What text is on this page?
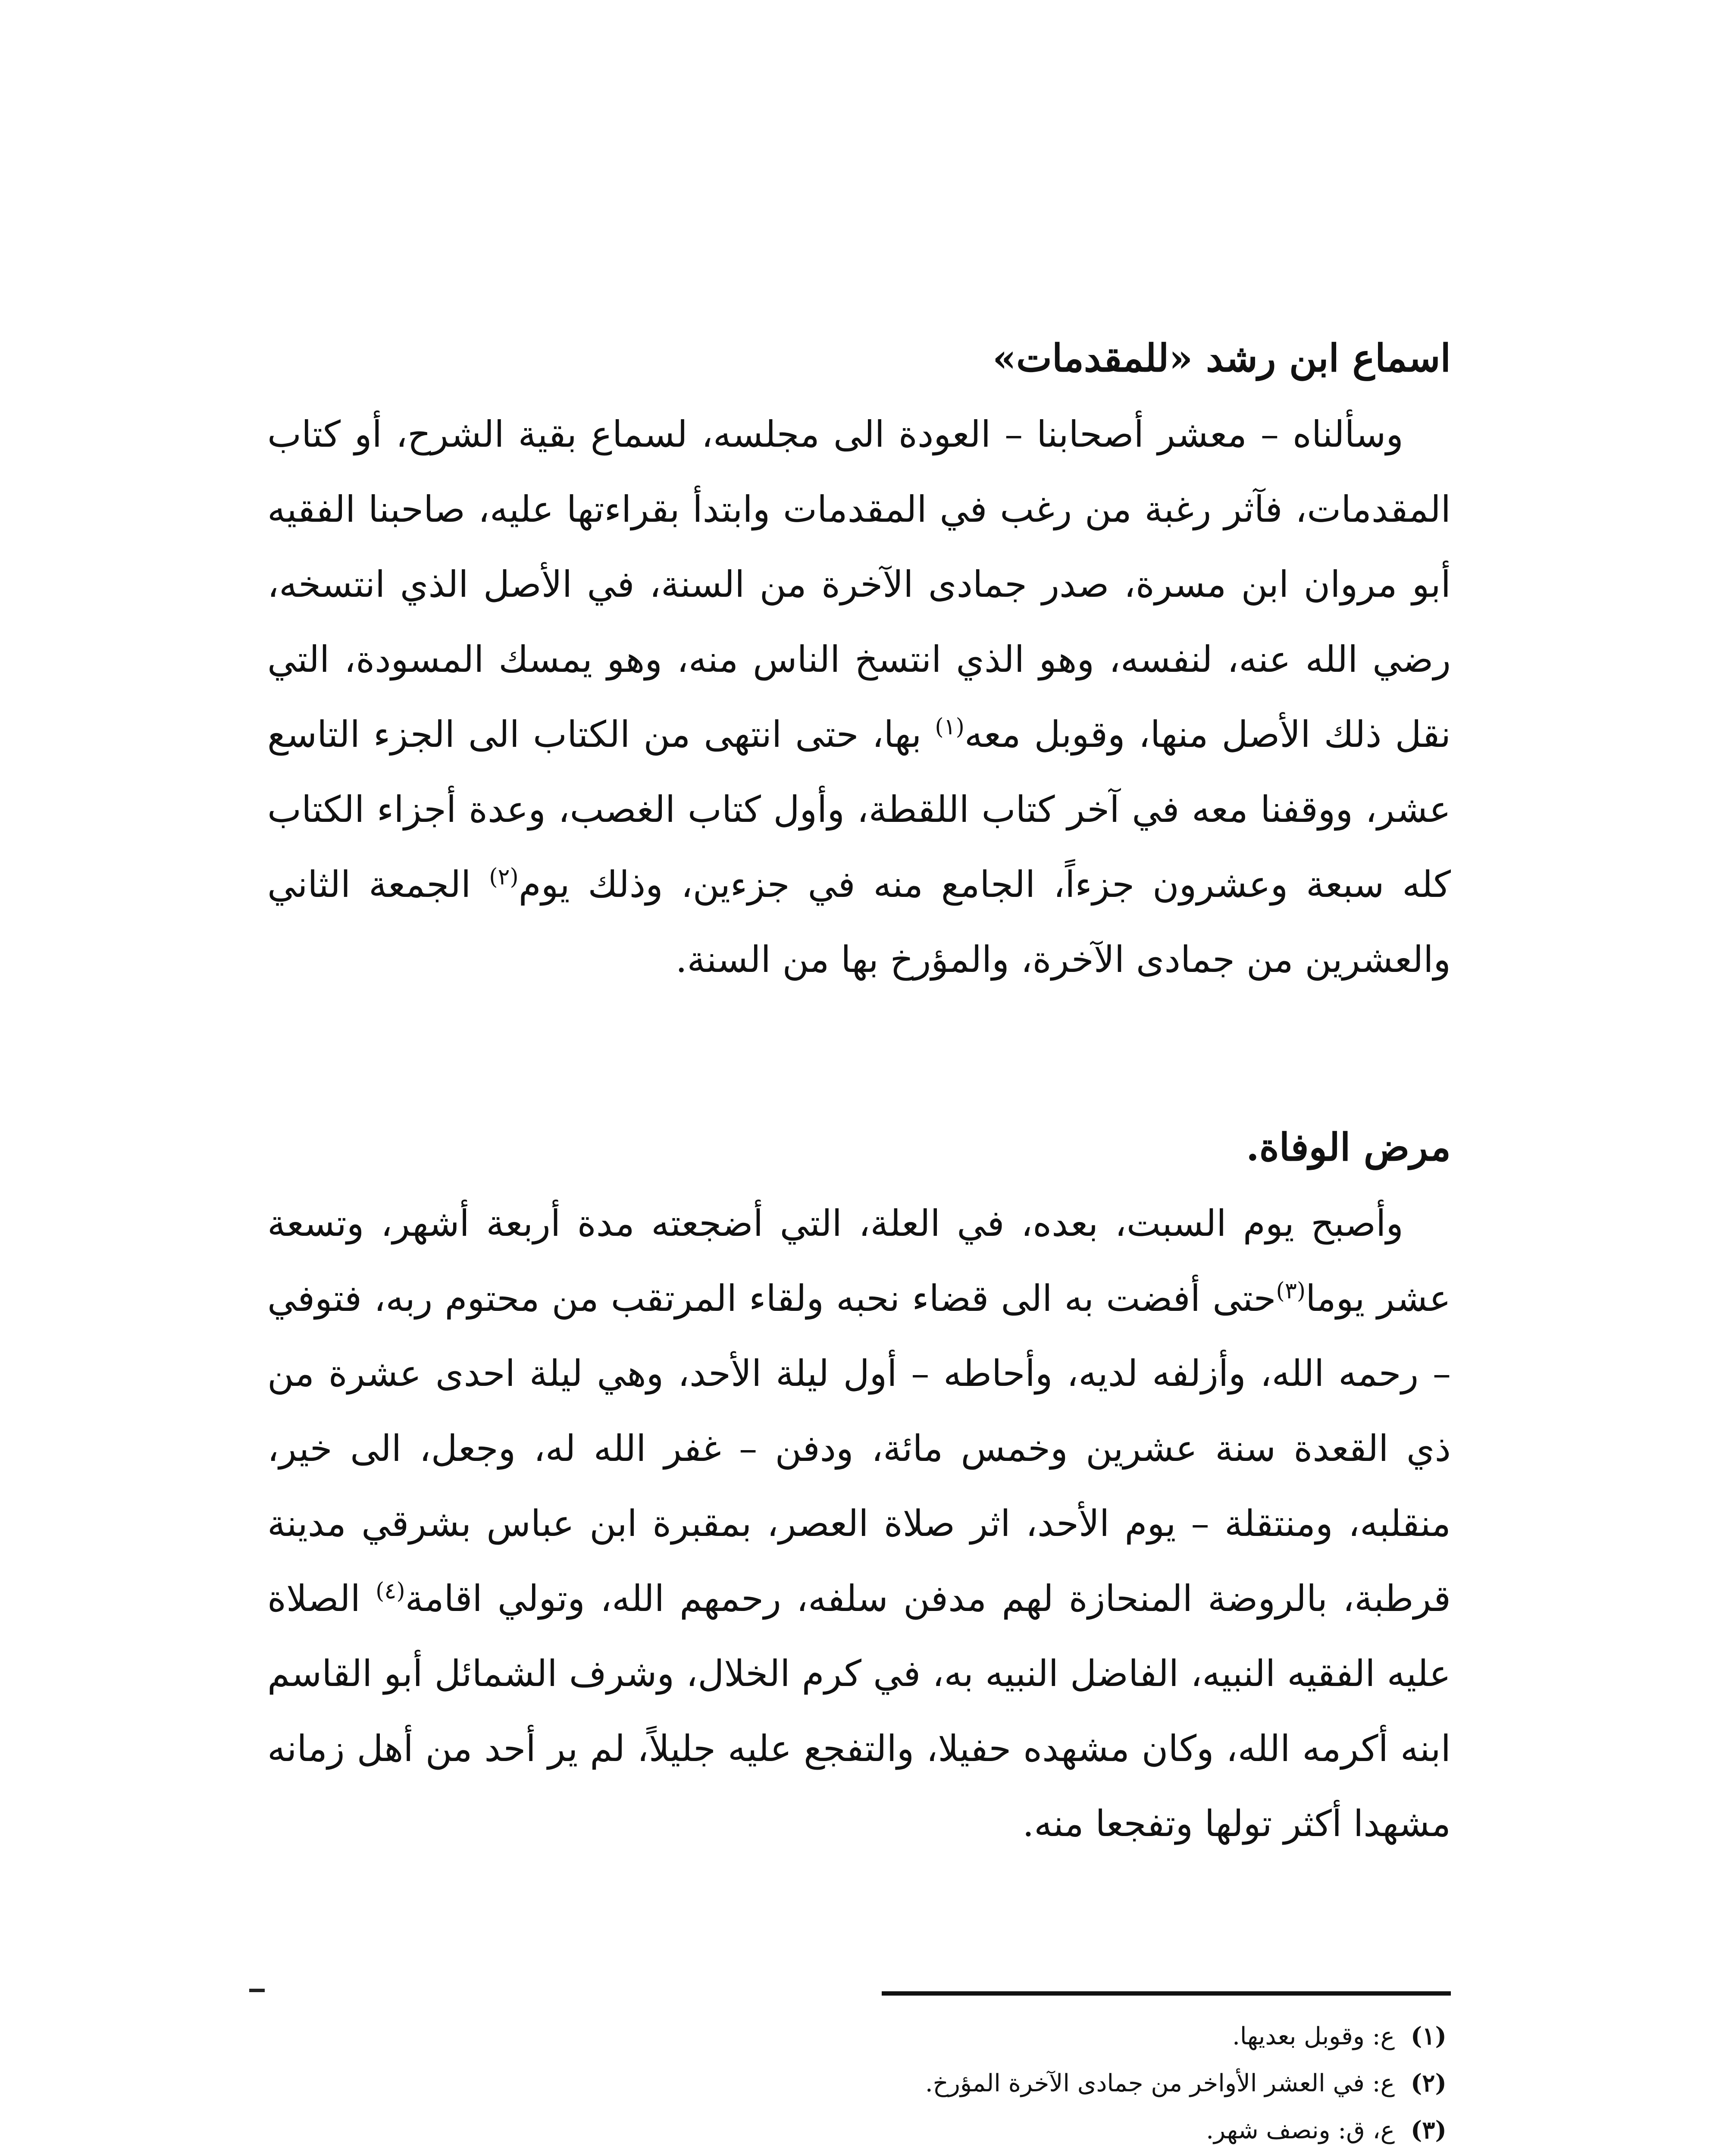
اسماع ابن رشد «للمقدمات»

وسألناه – معشر أصحابنا – العودة الى مجلسه، لسماع بقية الشرح، أو كتاب المقدمات، فآثر رغبة من رغب في المقدمات وابتدأ بقراءتها عليه، صاحبنا الفقيه أبو مروان ابن مسرة، صدر جمادى الآخرة من السنة، في الأصل الذي انتسخه، رضي الله عنه، لنفسه، وهو الذي انتسخ الناس منه، وهو يمسك المسودة، التي نقل ذلك الأصل منها، وقوبل معه$^{(١)}$ بها، حتى انتهى من الكتاب الى الجزء التاسع عشر، ووقفنا معه في آخر كتاب اللقطة، وأول كتاب الغصب، وعدة أجزاء الكتاب كله سبعة وعشرون جزءاً، الجامع منه في جزءين، وذلك يوم$^{(٢)}$ الجمعة الثاني والعشرين من جمادى الآخرة، والمؤرخ بها من السنة.

مرض الوفاة.

وأصبح يوم السبت، بعده، في العلة، التي أضجعته مدة أربعة أشهر، وتسعة عشر يوما$^{(٣)}$حتى أفضت به الى قضاء نحبه ولقاء المرتقب من محتوم ربه، فتوفي – رحمه الله، وأزلفه لديه، وأحاطه – أول ليلة الأحد، وهي ليلة احدى عشرة من ذي القعدة سنة عشرين وخمس مائة، ودفن – غفر الله له، وجعل، الى خير، منقلبه، ومنتقلة – يوم الأحد، اثر صلاة العصر، بمقبرة ابن عباس بشرقي مدينة قرطبة، بالروضة المنحازة لهم مدفن سلفه، رحمهم الله، وتولي اقامة$^{(٤)}$ الصلاة عليه الفقيه النبيه، الفاضل النبيه به، في كرم الخلال، وشرف الشمائل أبو القاسم ابنه أكرمه الله، وكان مشهده حفيلا، والتفجع عليه جليلاً، لم ير أحد من أهل زمانه مشهدا أكثر تولها وتفجعا منه.

(١)ع: وقوبل بعديها.
(٢)ع: في العشر الأواخر من جمادى الآخرة المؤرخ.
(٣)ع، ق: ونصف شهر.
